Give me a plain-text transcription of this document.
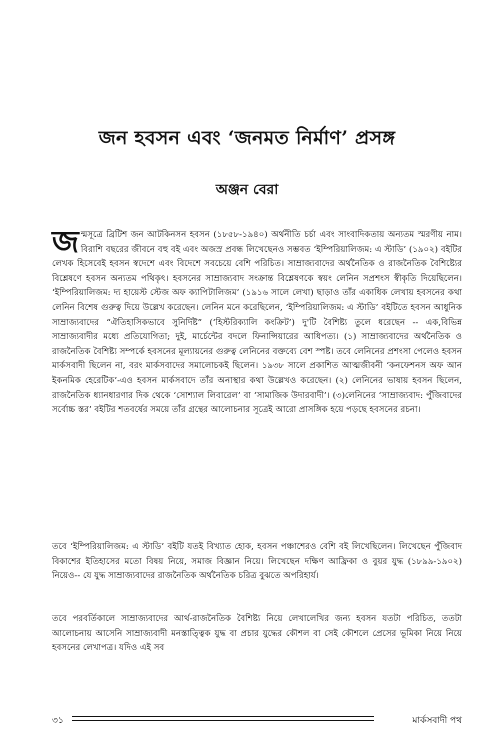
জন হবসন এবং ‘জনমত নির্মাণ’ প্রসঙ্গ
অঞ্জন বেরা

জন্মসূত্রে ব্রিটিশ জন আটকিনসন হবসন (১৮৫৮-১৯৪০) অর্থনীতি চর্চা এবং সাংবাদিকতায় অন্যতম স্মরণীয় নাম। বিরাশি বছরের জীবনে বহু বই এবং অজস্র প্রবন্ধ লিখেছেনও সম্ভবত ‘ইম্পিরিয়ালিজম: এ স্টাডি’ (১৯০২) বইটির লেখক হিসেবেই হবসন স্বদেশে এবং বিদেশে সবচেয়ে বেশি পরিচিত। সাম্রাজ্যবাদের অর্থনৈতিক ও রাজনৈতিক বৈশিষ্ট্যের বিশ্লেষণে হবসন অন্যতম পথিকৃৎ। হবসনের সাম্রাজ্যবাদ সংক্রান্ত বিশ্লেষণকে স্বয়ং লেনিন সপ্রশংস স্বীকৃতি দিয়েছিলেন। ‘ইম্পিরিয়ালিজম: দ্য হায়েস্ট স্টেজ অফ ক্যাপিটালিজম’ (১৯১৬ সালে লেখা) ছাড়াও তাঁর একাধিক লেখায় হবসনের কথা লেনিন বিশেষ গুরুত্ব দিয়ে উল্লেখ করেছেন। লেনিন মনে করেছিলেন, ‘ইম্পিরিয়ালিজম: এ স্টাডি’ বইটিতে হবসন আধুনিক সাম্রাজ্যবাদের “ঐতিহাসিকভাবে সুনির্দিষ্ট” (‘হিস্টরিক্যালি কংক্রিট’) দু'টি বৈশিষ্ট্য তুলে ধরেছেন -- এক,বিভিন্ন সাম্রাজ্যবাদীর মধ্যে প্রতিযোগিতা; দুই, মার্চেন্টের বদলে ফিনান্সিয়ারের আধিপত্য। (১) সাম্রাজ্যবাদের অর্থনৈতিক ও রাজনৈতিক বৈশিষ্ট্য সম্পর্কে হবসনের মূল্যায়নের গুরুত্ব লেনিনের বক্তব্যে বেশ স্পষ্ট। তবে লেনিনের প্রশংসা পেলেও হবসন মার্কসবাদী ছিলেন না, বরং মার্কসবাদের সমালোচকই ছিলেন। ১৯৩৮ সালে প্রকাশিত আত্মজীবনী ‘কনফেশনস অফ আন ইকনমিক হেরেটিক’-এও হবসন মার্কসবাদে তাঁর অনাস্থার কথা উল্লেখও করেছেন। (২) লেনিনের ভাষায় হবসন ছিলেন, রাজনৈতিক ধ্যানধারণার দিক থেকে ‘সোশ্যাল লিবারেল’ বা ‘সামাজিক উদারবাদী’। (৩)লেনিনের ‘সাম্রাজ্যবাদ: পুঁজিবাদের সর্বোচ্চ স্তর’ বইটির শতবর্ষের সময়ে তাঁর গ্রন্থের আলোচনার সূত্রেই আরো প্রাসঙ্গিক হয়ে পড়ছে হবসনের রচনা।

তবে ‘ইম্পিরিয়ালিজম: এ স্টাডি’ বইটি যতই বিখ্যাত হোক, হবসন পঞ্চাশেরও বেশি বই লিখেছিলেন। লিখেছেন পুঁজিবাদ বিকাশের ইতিহাসের মতো বিষয় নিয়ে, সমাজ বিজ্ঞান নিয়ে। লিখেছেন দক্ষিণ আফ্রিকা ও বুয়র যুদ্ধ (১৮৯৯-১৯০২) নিয়েও-- যে যুদ্ধ সাম্রাজ্যবাদের রাজনৈতিক অর্থনৈতিক চরিত্র বুঝতে অপরিহার্য।

তবে পরবর্তিকালে সাম্রাজ্যবাদের আর্থ-রাজনৈতিক বৈশিষ্ট্য নিয়ে লেখালেখির জন্য হবসন যতটা পরিচিত, ততটা আলোচনায় আসেনি সাম্রাজ্যবাদী মনস্তাত্ত্বিক যুদ্ধ বা প্রচার যুদ্ধের কৌশল বা সেই কৌশলে প্রেসের ভূমিকা নিয়ে নিয়ে হবসনের লেখাপত্র। যদিও এই সব

৩১	মার্কসবাদী পথ
